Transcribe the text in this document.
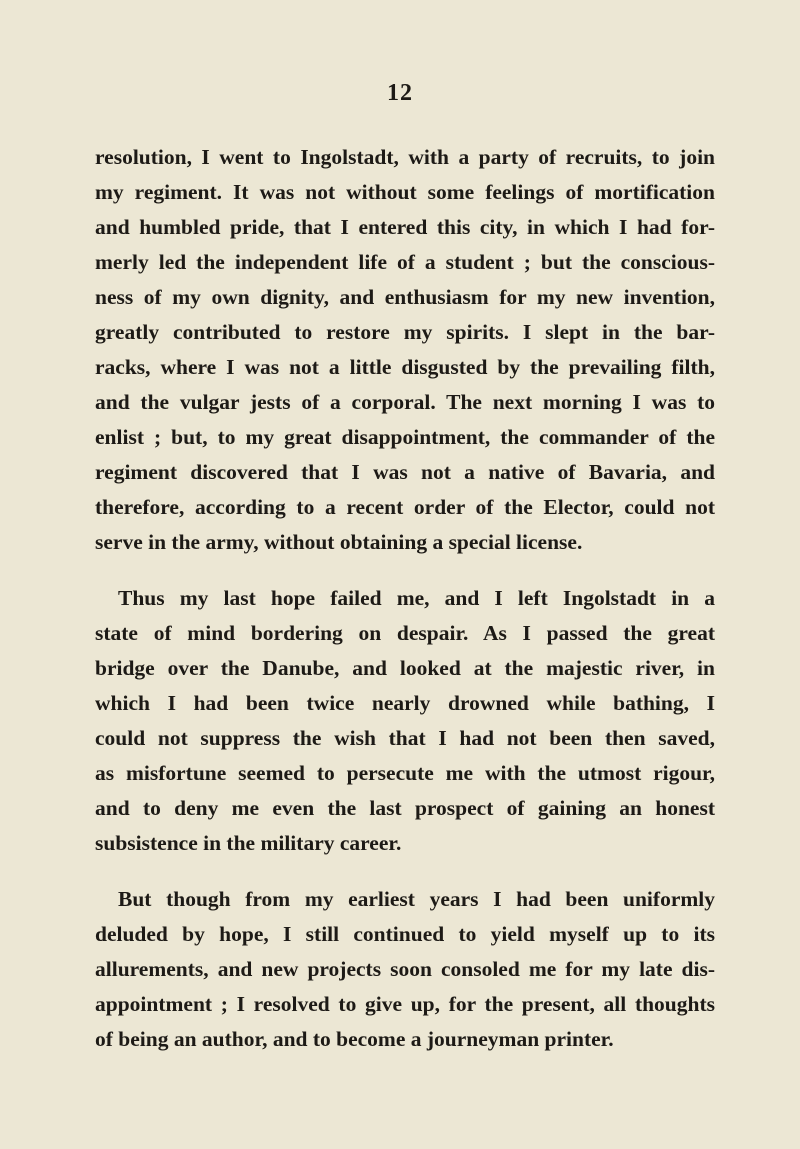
12

resolution, I went to Ingolstadt, with a party of recruits, to join
my regiment. It was not without some feelings of mortification
and humbled pride, that I entered this city, in which I had for-
merly led the independent life of a student ; but the conscious-
ness of my own dignity, and enthusiasm for my new invention,
greatly contributed to restore my spirits. I slept in the bar-
racks, where I was not a little disgusted by the prevailing filth,
and the vulgar jests of a corporal. The next morning I was to
enlist ; but, to my great disappointment, the commander of the
regiment discovered that I was not a native of Bavaria, and
therefore, according to a recent order of the Elector, could not
serve in the army, without obtaining a special license.

Thus my last hope failed me, and I left Ingolstadt in a
state of mind bordering on despair. As I passed the great
bridge over the Danube, and looked at the majestic river, in
which I had been twice nearly drowned while bathing, I
could not suppress the wish that I had not been then saved,
as misfortune seemed to persecute me with the utmost rigour,
and to deny me even the last prospect of gaining an honest
subsistence in the military career.

But though from my earliest years I had been uniformly
deluded by hope, I still continued to yield myself up to its
allurements, and new projects soon consoled me for my late dis-
appointment ; I resolved to give up, for the present, all thoughts
of being an author, and to become a journeyman printer.
